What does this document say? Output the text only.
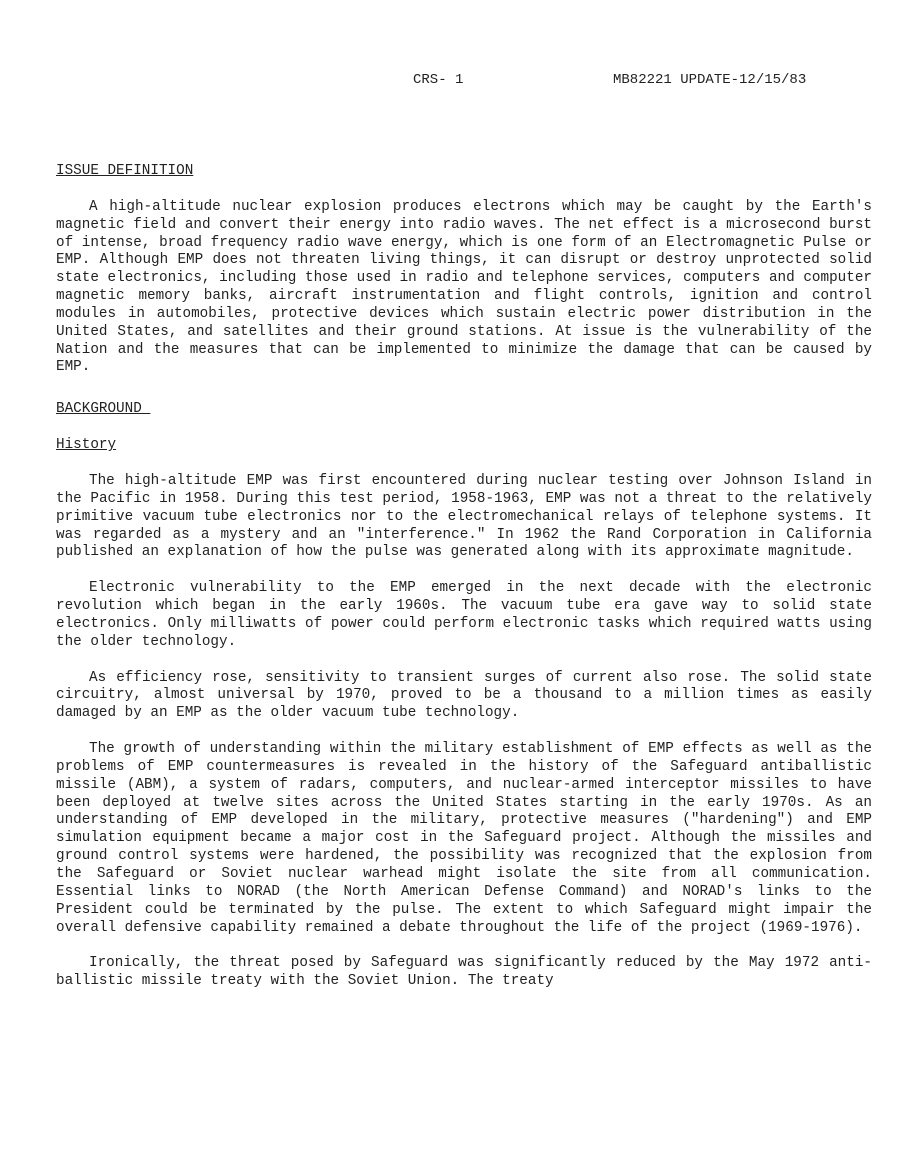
CRS- 1	MB82221 UPDATE-12/15/83
ISSUE DEFINITION

A high-altitude nuclear explosion produces electrons which may be caught by the Earth's magnetic field and convert their energy into radio waves. The net effect is a microsecond burst of intense, broad frequency radio wave energy, which is one form of an Electromagnetic Pulse or EMP. Although EMP does not threaten living things, it can disrupt or destroy unprotected solid state electronics, including those used in radio and telephone services, computers and computer magnetic memory banks, aircraft instrumentation and flight controls, ignition and control modules in automobiles, protective devices which sustain electric power distribution in the United States, and satellites and their ground stations. At issue is the vulnerability of the Nation and the measures that can be implemented to minimize the damage that can be caused by EMP.

BACKGROUND
History

The high-altitude EMP was first encountered during nuclear testing over Johnson Island in the Pacific in 1958. During this test period, 1958-1963, EMP was not a threat to the relatively primitive vacuum tube electronics nor to the electromechanical relays of telephone systems. It was regarded as a mystery and an "interference." In 1962 the Rand Corporation in California published an explanation of how the pulse was generated along with its approximate magnitude.

Electronic vulnerability to the EMP emerged in the next decade with the electronic revolution which began in the early 1960s. The vacuum tube era gave way to solid state electronics. Only milliwatts of power could perform electronic tasks which required watts using the older technology.

As efficiency rose, sensitivity to transient surges of current also rose. The solid state circuitry, almost universal by 1970, proved to be a thousand to a million times as easily damaged by an EMP as the older vacuum tube technology.

The growth of understanding within the military establishment of EMP effects as well as the problems of EMP countermeasures is revealed in the history of the Safeguard antiballistic missile (ABM), a system of radars, computers, and nuclear-armed interceptor missiles to have been deployed at twelve sites across the United States starting in the early 1970s. As an understanding of EMP developed in the military, protective measures ("hardening") and EMP simulation equipment became a major cost in the Safeguard project. Although the missiles and ground control systems were hardened, the possibility was recognized that the explosion from the Safeguard or Soviet nuclear warhead might isolate the site from all communication. Essential links to NORAD (the North American Defense Command) and NORAD's links to the President could be terminated by the pulse. The extent to which Safeguard might impair the overall defensive capability remained a debate throughout the life of the project (1969-1976).

Ironically, the threat posed by Safeguard was significantly reduced by the May 1972 anti-ballistic missile treaty with the Soviet Union. The treaty
